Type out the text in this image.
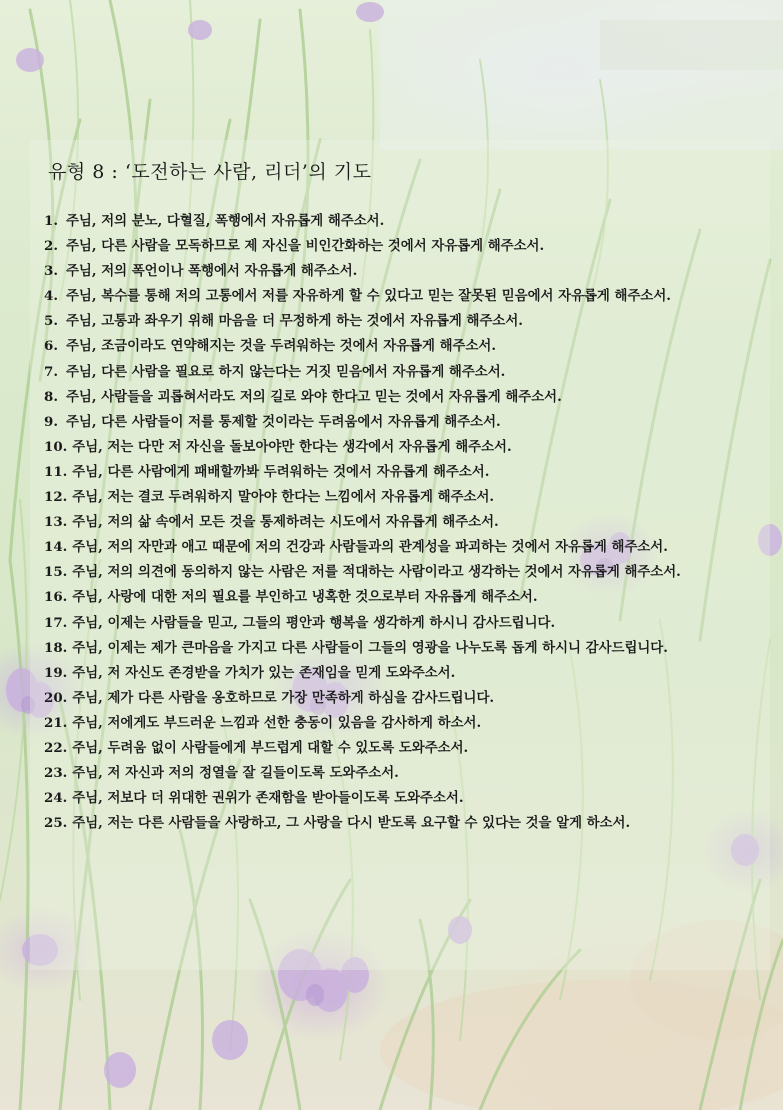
유형 8 : ‘도전하는 사람, 리더’의 기도
1. 주님, 저의 분노, 다혈질, 폭행에서 자유롭게 해주소서.
2. 주님, 다른 사람을 모독하므로 제 자신을 비인간화하는 것에서 자유롭게 해주소서.
3. 주님, 저의 폭언이나 폭행에서 자유롭게 해주소서.
4. 주님, 복수를 통해 저의 고통에서 저를 자유하게 할 수 있다고 믿는 잘못된 믿음에서 자유롭게 해주소서.
5. 주님, 고통과 좌우기 위해 마음을 더 무정하게 하는 것에서 자유롭게 해주소서.
6. 주님, 조금이라도 연약해지는 것을 두려워하는 것에서 자유롭게 해주소서.
7. 주님, 다른 사람을 필요로 하지 않는다는 거짓 믿음에서 자유롭게 해주소서.
8. 주님, 사람들을 괴롭혀서라도 저의 길로 와야 한다고 믿는 것에서 자유롭게 해주소서.
9. 주님, 다른 사람들이 저를 통제할 것이라는 두려움에서 자유롭게 해주소서.
10. 주님, 저는 다만 저 자신을 돌보아야만 한다는 생각에서 자유롭게 해주소서.
11. 주님, 다른 사람에게 패배할까봐 두려워하는 것에서 자유롭게 해주소서.
12. 주님, 저는 결코 두려워하지 말아야 한다는 느낌에서 자유롭게 해주소서.
13. 주님, 저의 삶 속에서 모든 것을 통제하려는 시도에서 자유롭게 해주소서.
14. 주님, 저의 자만과 애고 때문에 저의 건강과 사람들과의 관계성을 파괴하는 것에서 자유롭게 해주소서.
15. 주님, 저의 의견에 동의하지 않는 사람은 저를 적대하는 사람이라고 생각하는 것에서 자유롭게 해주소서.
16. 주님, 사랑에 대한 저의 필요를 부인하고 냉혹한 것으로부터 자유롭게 해주소서.
17. 주님, 이제는 사람들을 믿고, 그들의 평안과 행복을 생각하게 하시니 감사드립니다.
18. 주님, 이제는 제가 큰마음을 가지고 다른 사람들이 그들의 영광을 나누도록 돕게 하시니 감사드립니다.
19. 주님, 저 자신도 존경받을 가치가 있는 존재임을 믿게 도와주소서.
20. 주님, 제가 다른 사람을 옹호하므로 가장 만족하게 하심을 감사드립니다.
21. 주님, 저에게도 부드러운 느낌과 선한 충동이 있음을 감사하게 하소서.
22. 주님, 두려움 없이 사람들에게 부드럽게 대할 수 있도록 도와주소서.
23. 주님, 저 자신과 저의 정열을 잘 길들이도록 도와주소서.
24. 주님, 저보다 더 위대한 권위가 존재함을 받아들이도록 도와주소서.
25. 주님, 저는 다른 사람들을 사랑하고, 그 사랑을 다시 받도록 요구할 수 있다는 것을 알게 하소서.
